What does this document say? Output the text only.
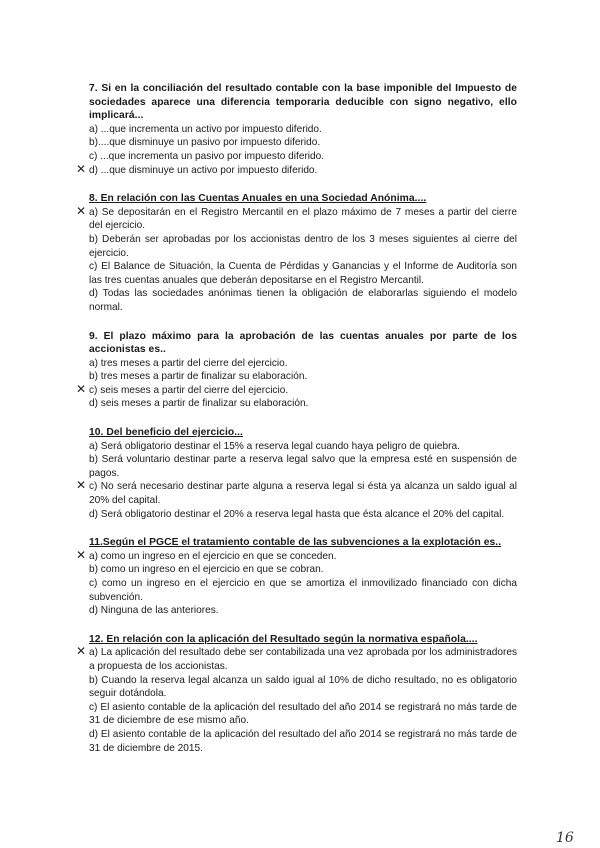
7. Si en la conciliación del resultado contable con la base imponible del Impuesto de sociedades aparece una diferencia temporaria deducible con signo negativo, ello implicará...
a) ...que incrementa un activo por impuesto diferido.
b)....que disminuye un pasivo por impuesto diferido.
c) ...que incrementa un pasivo por impuesto diferido.
✕ d) ...que disminuye un activo por impuesto diferido.
8. En relación con las Cuentas Anuales en una Sociedad Anónima....
✕ a) Se depositarán en el Registro Mercantil en el plazo máximo de 7 meses a partir del cierre del ejercicio.
b) Deberán ser aprobadas por los accionistas dentro de los 3 meses siguientes al cierre del ejercicio.
c) El Balance de Situación, la Cuenta de Pérdidas y Ganancias y el Informe de Auditoría son las tres cuentas anuales que deberán depositarse en el Registro Mercantil.
d) Todas las sociedades anónimas tienen la obligación de elaborarlas siguiendo el modelo normal.
9. El plazo máximo para la aprobación de las cuentas anuales por parte de los accionistas es..
a) tres meses a partir del cierre del ejercicio.
b) tres meses a partir de finalizar su elaboración.
✕ c) seis meses a partir del cierre del ejercicio.
d) seis meses a partir de finalizar su elaboración.
10. Del beneficio del ejercicio...
a) Será obligatorio destinar el 15% a reserva legal cuando haya peligro de quiebra.
b) Será voluntario destinar parte a reserva legal salvo que la empresa esté en suspensión de pagos.
✕ c) No será necesario destinar parte alguna a reserva legal si ésta ya alcanza un saldo igual al 20% del capital.
d) Será obligatorio destinar el 20% a reserva legal hasta que ésta alcance el 20% del capital.
11.Según el PGCE el tratamiento contable de las subvenciones a la explotación es..
✕ a) como un ingreso en el ejercicio en que se conceden.
b) como un ingreso en el ejercicio en que se cobran.
c) como un ingreso en el ejercicio en que se amortiza el inmovilizado financiado con dicha subvención.
d) Ninguna de las anteriores.
12. En relación con la aplicación del Resultado según la normativa española....
✕ a) La aplicación del resultado debe ser contabilizada una vez aprobada por los administradores a propuesta de los accionistas.
b) Cuando la reserva legal alcanza un saldo igual al 10% de dicho resultado, no es obligatorio seguir dotándola.
c) El asiento contable de la aplicación del resultado del año 2014 se registrará no más tarde de 31 de diciembre de ese mismo año.
d) El asiento contable de la aplicación del resultado del año 2014 se registrará no más tarde de 31 de diciembre de 2015.
16
